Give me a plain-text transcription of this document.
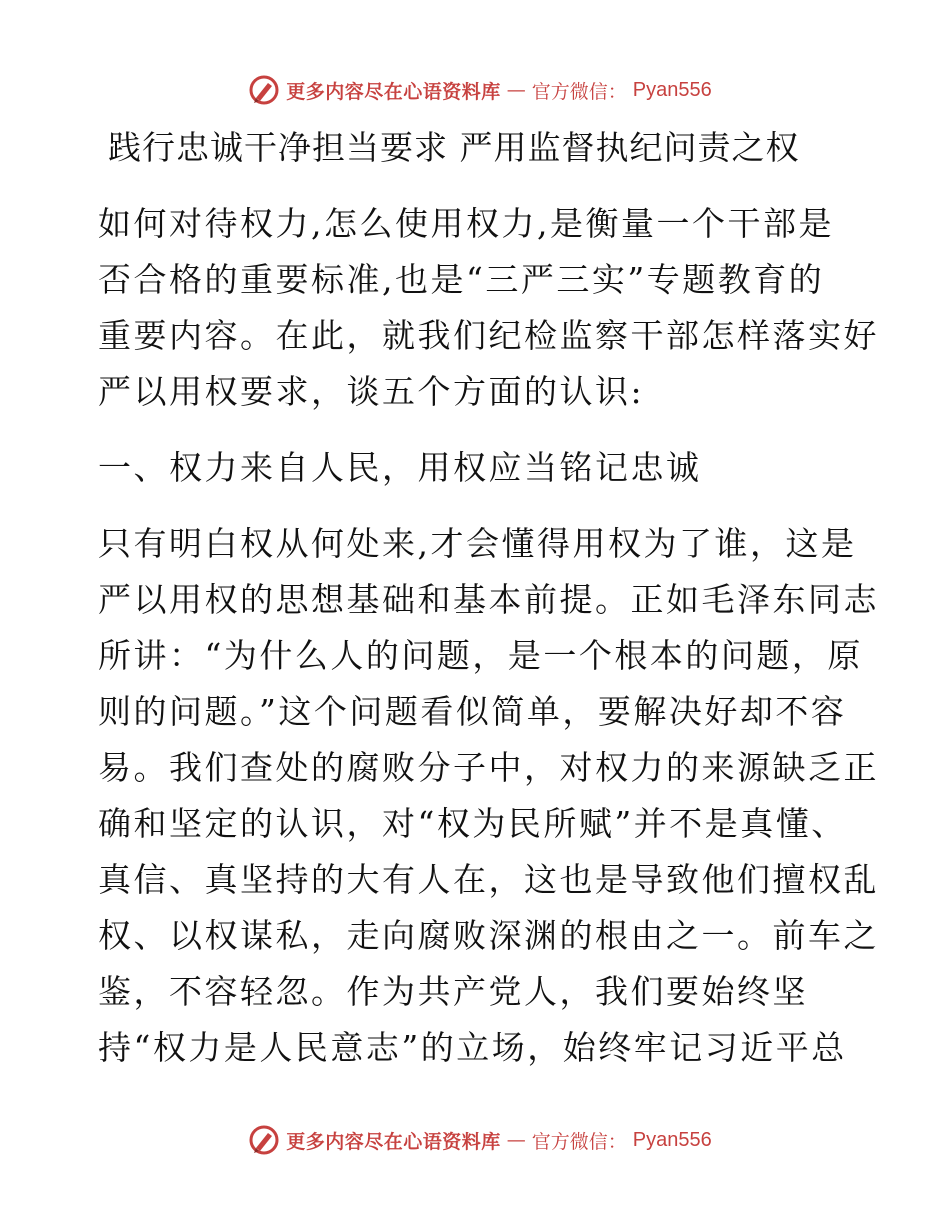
更多内容尽在心语资料库 — 官方微信： Pyan556
践行忠诚干净担当要求 严用监督执纪问责之权

如何对待权力,怎么使用权力,是衡量一个干部是
否合格的重要标准,也是“三严三实”专题教育的
重要内容。在此，就我们纪检监察干部怎样落实好
严以用权要求，谈五个方面的认识:

一、权力来自人民，用权应当铭记忠诚

只有明白权从何处来,才会懂得用权为了谁，这是
严以用权的思想基础和基本前提。正如毛泽东同志
所讲：“为什么人的问题，是一个根本的问题，原
则的问题。”这个问题看似简单，要解决好却不容
易。我们查处的腐败分子中，对权力的来源缺乏正
确和坚定的认识，对“权为民所赋”并不是真懂、
真信、真坚持的大有人在，这也是导致他们擅权乱
权、以权谋私，走向腐败深渊的根由之一。前车之
鉴，不容轻忽。作为共产党人，我们要始终坚
持“权力是人民意志”的立场，始终牢记习近平总

更多内容尽在心语资料库 — 官方微信： Pyan556
